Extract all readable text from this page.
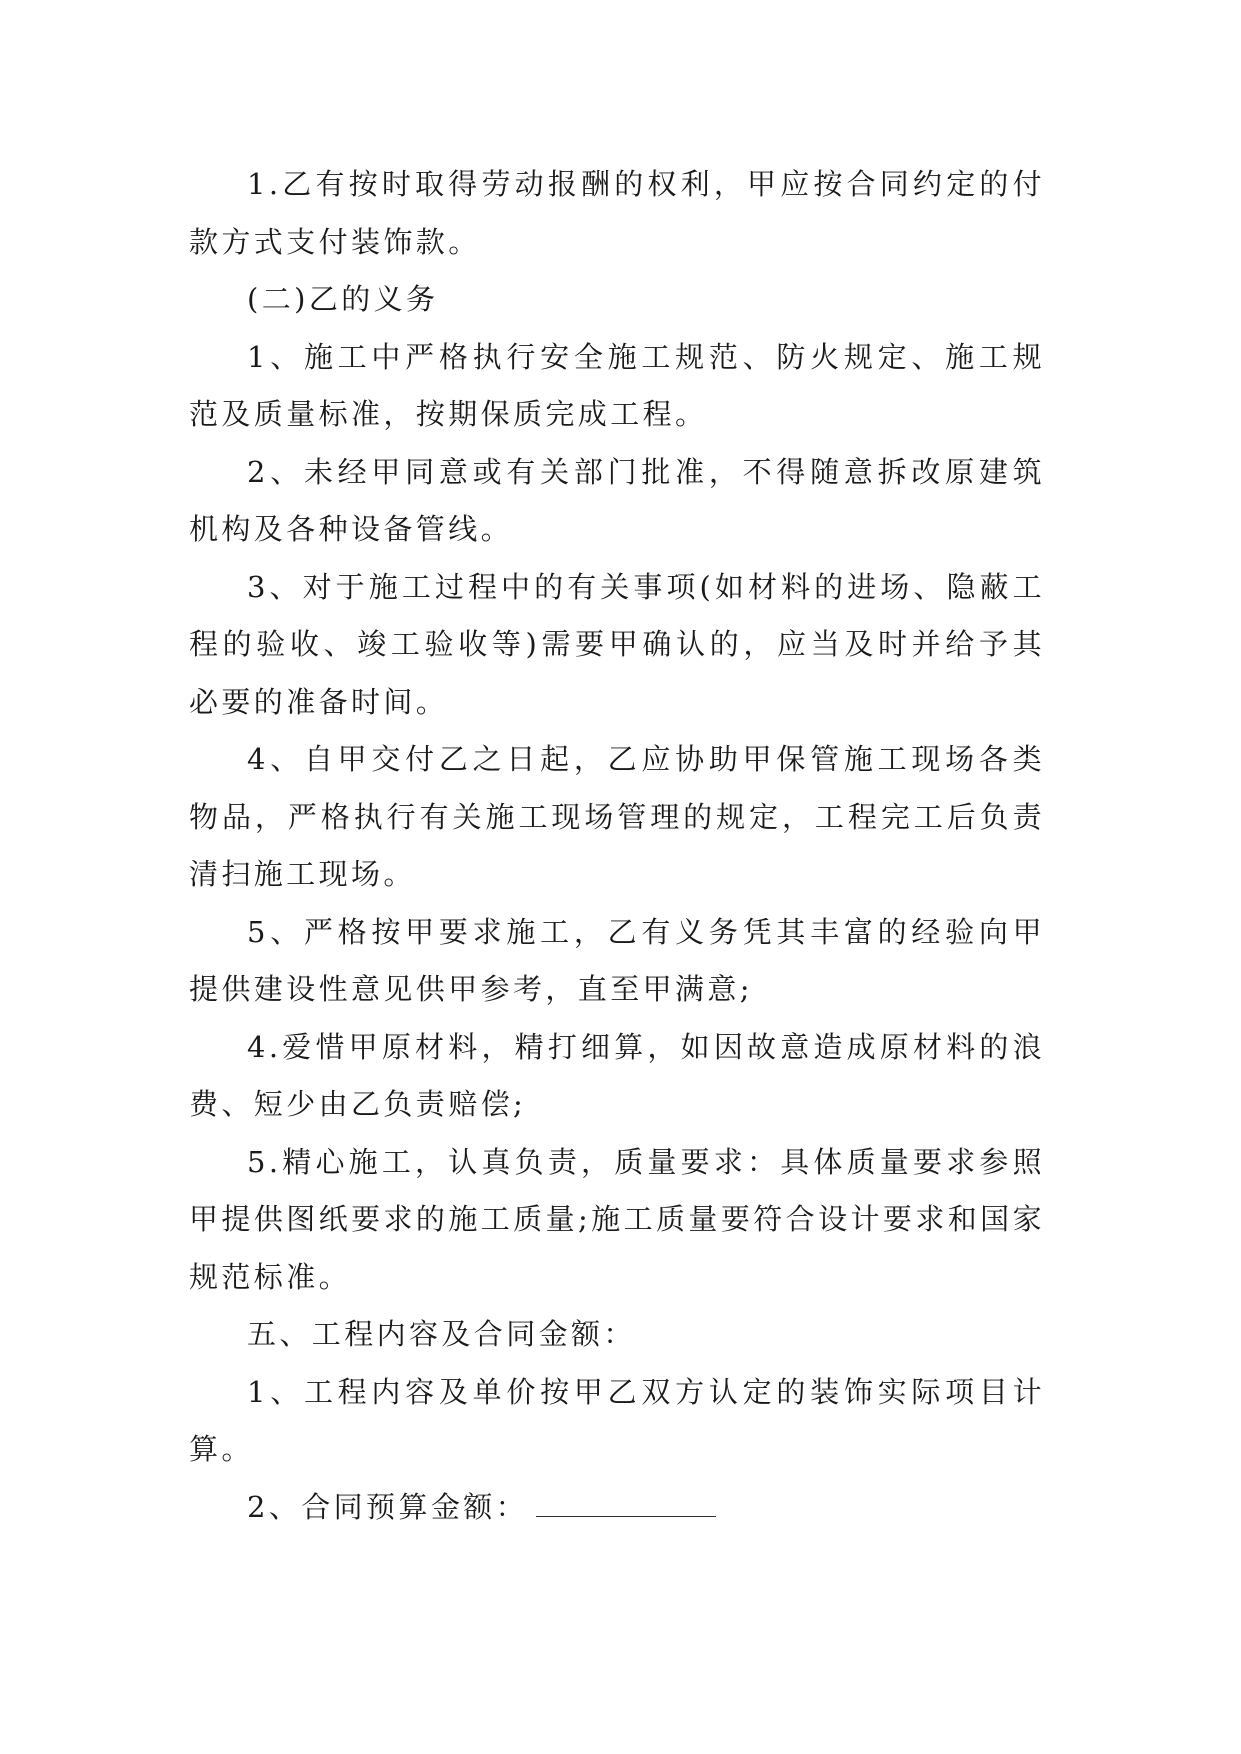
1.乙有按时取得劳动报酬的权利，甲应按合同约定的付款方式支付装饰款。

(二)乙的义务

1、施工中严格执行安全施工规范、防火规定、施工规范及质量标准，按期保质完成工程。

2、未经甲同意或有关部门批准，不得随意拆改原建筑机构及各种设备管线。

3、对于施工过程中的有关事项(如材料的进场、隐蔽工程的验收、竣工验收等)需要甲确认的，应当及时并给予其必要的准备时间。

4、自甲交付乙之日起，乙应协助甲保管施工现场各类物品，严格执行有关施工现场管理的规定，工程完工后负责清扫施工现场。

5、严格按甲要求施工，乙有义务凭其丰富的经验向甲提供建设性意见供甲参考，直至甲满意;

4.爱惜甲原材料，精打细算，如因故意造成原材料的浪费、短少由乙负责赔偿;

5.精心施工，认真负责，质量要求：具体质量要求参照甲提供图纸要求的施工质量;施工质量要符合设计要求和国家规范标准。

五、工程内容及合同金额：

1、工程内容及单价按甲乙双方认定的装饰实际项目计算。

2、合同预算金额：
